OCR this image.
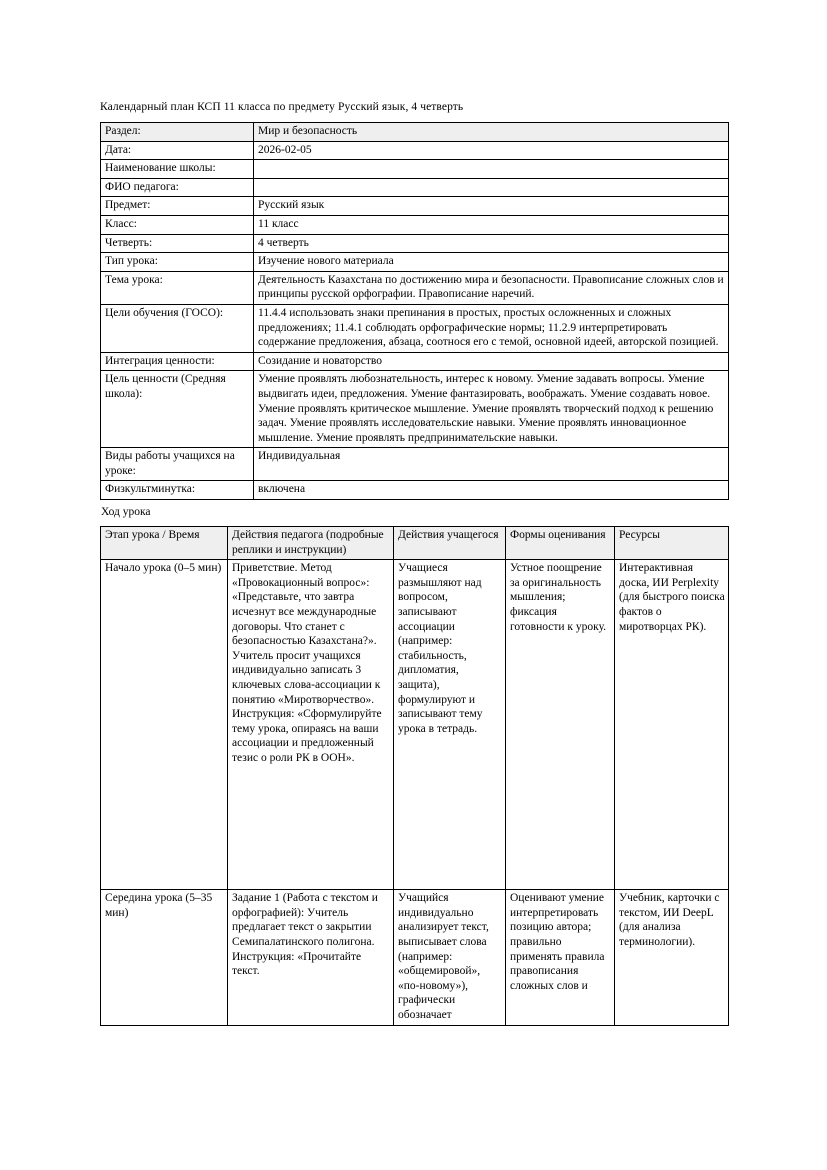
Календарный план КСП 11 класса по предмету Русский язык, 4 четверть
Раздел:	Мир и безопасность
Дата:	2026-02-05
Наименование школы:	
ФИО педагога:	
Предмет:	Русский язык
Класс:	11 класс
Четверть:	4 четверть
Тип урока:	Изучение нового материала
Тема урока:	Деятельность Казахстана по достижению мира и безопасности. Правописание сложных слов и принципы русской орфографии. Правописание наречий.
Цели обучения (ГОСО):	11.4.4 использовать знаки препинания в простых, простых осложненных и сложных предложениях; 11.4.1 соблюдать орфографические нормы; 11.2.9 интерпретировать содержание предложения, абзаца, соотнося его с темой, основной идеей, авторской позицией.
Интеграция ценности:	Созидание и новаторство
Цель ценности (Средняя школа):	Умение проявлять любознательность, интерес к новому. Умение задавать вопросы. Умение выдвигать идеи, предложения. Умение фантазировать, воображать. Умение создавать новое. Умение проявлять критическое мышление. Умение проявлять творческий подход к решению задач. Умение проявлять исследовательские навыки. Умение проявлять инновационное мышление. Умение проявлять предпринимательские навыки.
Виды работы учащихся на уроке:	Индивидуальная
Физкультминутка:	включена
Ход урока
Этап урока / Время	Действия педагога (подробные реплики и инструкции)	Действия учащегося	Формы оценивания	Ресурсы

Начало урока (0–5 мин)	Приветствие. Метод «Провокационный вопрос»: «Представьте, что завтра исчезнут все международные договоры. Что станет с безопасностью Казахстана?». Учитель просит учащихся индивидуально записать 3 ключевых слова-ассоциации к понятию «Миротворчество». Инструкция: «Сформулируйте тему урока, опираясь на ваши ассоциации и предложенный тезис о роли РК в ООН».	Учащиеся размышляют над вопросом, записывают ассоциации (например: стабильность, дипломатия, защита), формулируют и записывают тему урока в тетрадь.	Устное поощрение за оригинальность мышления; фиксация готовности к уроку.	Интерактивная доска, ИИ Perplexity (для быстрого поиска фактов о миротворцах РК).

Середина урока (5–35 мин)	Задание 1 (Работа с текстом и орфографией): Учитель предлагает текст о закрытии Семипалатинского полигона. Инструкция: «Прочитайте текст.	Учащийся индивидуально анализирует текст, выписывает слова (например: «общемировой», «по-новому»), графически обозначает	Оценивают умение интерпретировать позицию автора; правильно применять правила правописания сложных слов и	Учебник, карточки с текстом, ИИ DeepL (для анализа терминологии).
